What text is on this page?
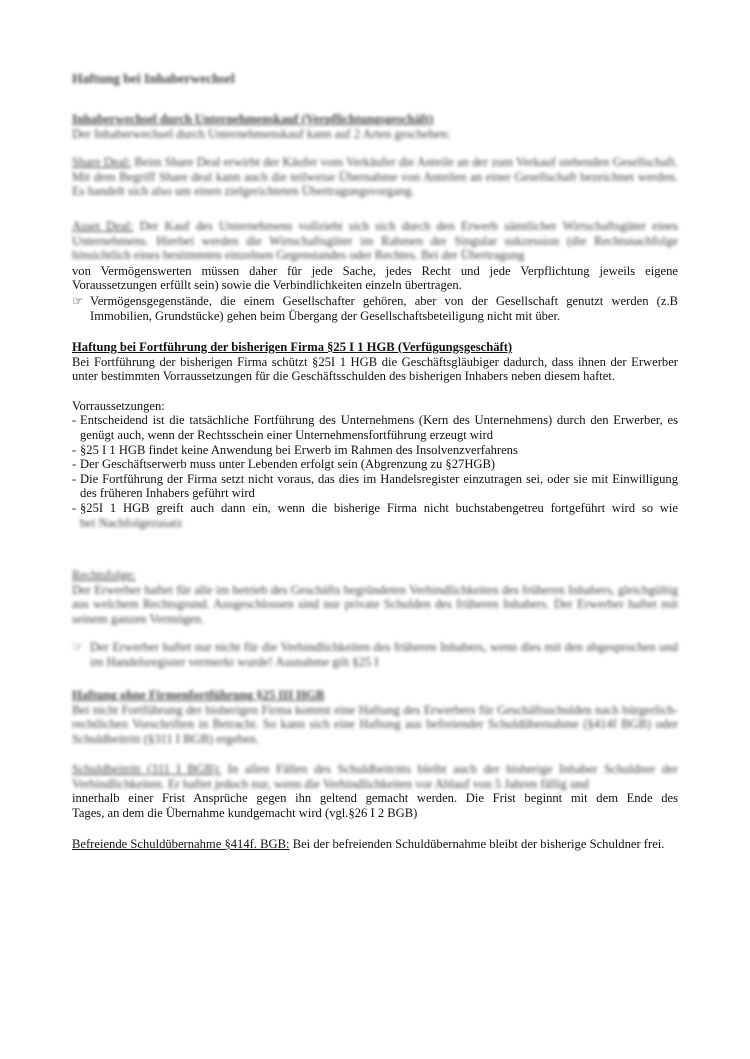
Haftung bei Inhaberwechsel
Inhaberwechsel durch Unternehmenskauf (Verpflichtungsgeschäft)
Der Inhaberwechsel durch Unternehmenskauf kann auf 2 Arten geschehen:

Share Deal: Beim Share Deal erwirbt der Käufer vom Verkäufer die Anteile an der zum Verkauf stehenden Gesellschaft. Mit dem Begriff Share deal kann auch die teilweise Übernahme von Anteilen an einer Gesellschaft bezeichnet werden. Es handelt sich also um einen zielgerichteten Übertragungsvorgang.

Asset Deal: Der Kauf des Unternehmens vollzieht sich sich durch den Erwerb sämtlicher Wirtschaftsgüter eines Unternehmens. Hierbei werden die Wirtschaftsgüter im Rahmen der Singular sukzession (die Rechtsnachfolge hinsichtlich eines bestimmten einzelnen Gegenstandes oder Rechtes. Bei der Übertragung

von Vermögenswerten müssen daher für jede Sache, jedes Recht und jede Verpflichtung jeweils eigene
Voraussetzungen erfüllt sein) sowie die Verbindlichkeiten einzeln übertragen.
☞ Vermögensgegenstände, die einem Gesellschafter gehören, aber von der Gesellschaft genutzt werden (z.B Immobilien, Grundstücke) gehen beim Übergang der Gesellschaftsbeteiligung nicht mit über.
Haftung bei Fortführung der bisherigen Firma §25 I 1 HGB (Verfügungsgeschäft)
Bei Fortführung der bisherigen Firma schützt §25I 1 HGB die Geschäftsgläubiger dadurch, dass ihnen der Erwerber unter bestimmten Vorraussetzungen für die Geschäftsschulden des bisherigen Inhabers neben diesem haftet.
Vorraussetzungen:
- Entscheidend ist die tatsächliche Fortführung des Unternehmens (Kern des Unternehmens) durch den Erwerber, es genügt auch, wenn der Rechtsschein einer Unternehmensfortführung erzeugt wird
- §25 I 1 HGB findet keine Anwendung bei Erwerb im Rahmen des Insolvenzverfahrens
- Der Geschäftserwerb muss unter Lebenden erfolgt sein (Abgrenzung zu §27HGB)
- Die Fortführung der Firma setzt nicht voraus, das dies im Handelsregister einzutragen sei, oder sie mit Einwilligung des früheren Inhabers geführt wird
- §25I 1 HGB greift auch dann ein, wenn die bisherige Firma nicht buchstabengetreu fortgeführt wird so wie
bei Nachfolgezusatz
Rechtsfolge:
Der Erwerber haftet für alle im betrieb des Geschäfts begründeten Verbindlichkeiten des früheren Inhabers, gleichgültig aus welchem Rechtsgrund. Ausgeschlossen sind nur private Schulden des früheren Inhabers. Der Erwerber haftet mit seinem ganzen Vermögen.
☞ Der Erwerber haftet nur nicht für die Verbindlichkeiten des früheren Inhabers, wenn dies mit den abgesprochen und im Handelsregister vermerkt wurde! Ausnahme gilt §25 I
Haftung ohne Firmenfortführung §25 III HGB
Bei nicht Fortführung der bisherigen Firma kommt eine Haftung des Erwerbers für Geschäftsschulden nach bürgerlich-rechtlichen Vorschriften in Betracht. So kann sich eine Haftung aus befreiender Schuldübernahme (§414f BGB) oder Schuldbeitritt (§311 I BGB) ergeben.

Schuldbeitritt (311 I BGB): In allen Fällen des Schuldbeitritts bleibt auch der bisherige Inhaber Schuldner der Verbindlichkeiten. Er haftet jedoch nur, wenn die Verbindlichkeiten vor Ablauf von 5 Jahren fällig und

innerhalb einer Frist Ansprüche gegen ihn geltend gemacht werden. Die Frist beginnt mit dem Ende des
Tages, an dem die Übernahme kundgemacht wird (vgl.§26 I 2 BGB)

Befreiende Schuldübernahme §414f. BGB: Bei der befreienden Schuldübernahme bleibt der bisherige Schuldner frei.
